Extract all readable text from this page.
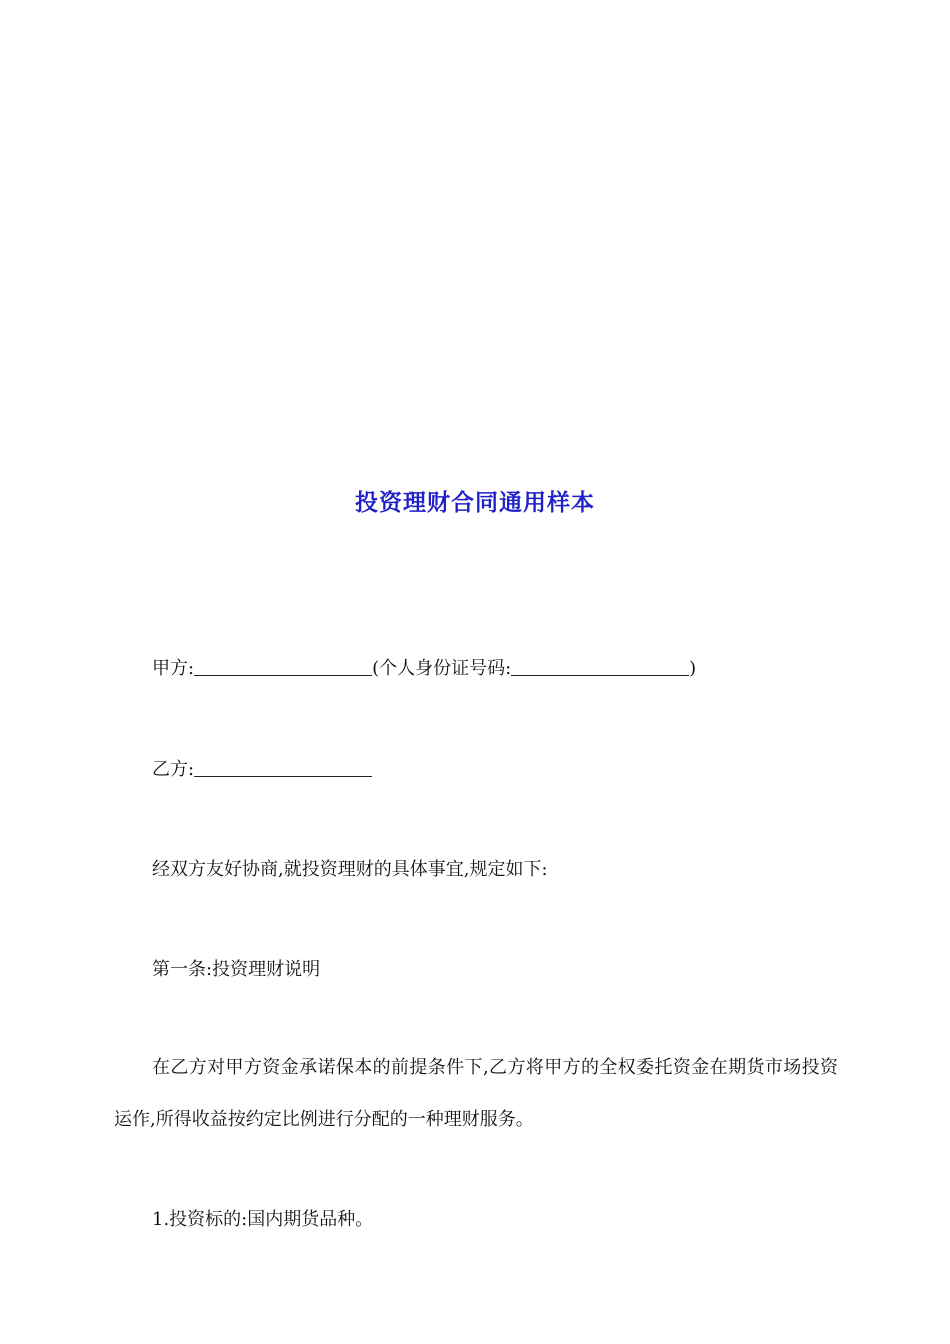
投资理财合同通用样本
甲方:	(个人身份证号码:	)
乙方:
经双方友好协商,就投资理财的具体事宜,规定如下:
第一条:投资理财说明
在乙方对甲方资金承诺保本的前提条件下,乙方将甲方的全权委托资金在期货市场投资运作,所得收益按约定比例进行分配的一种理财服务。
1.投资标的:国内期货品种。
